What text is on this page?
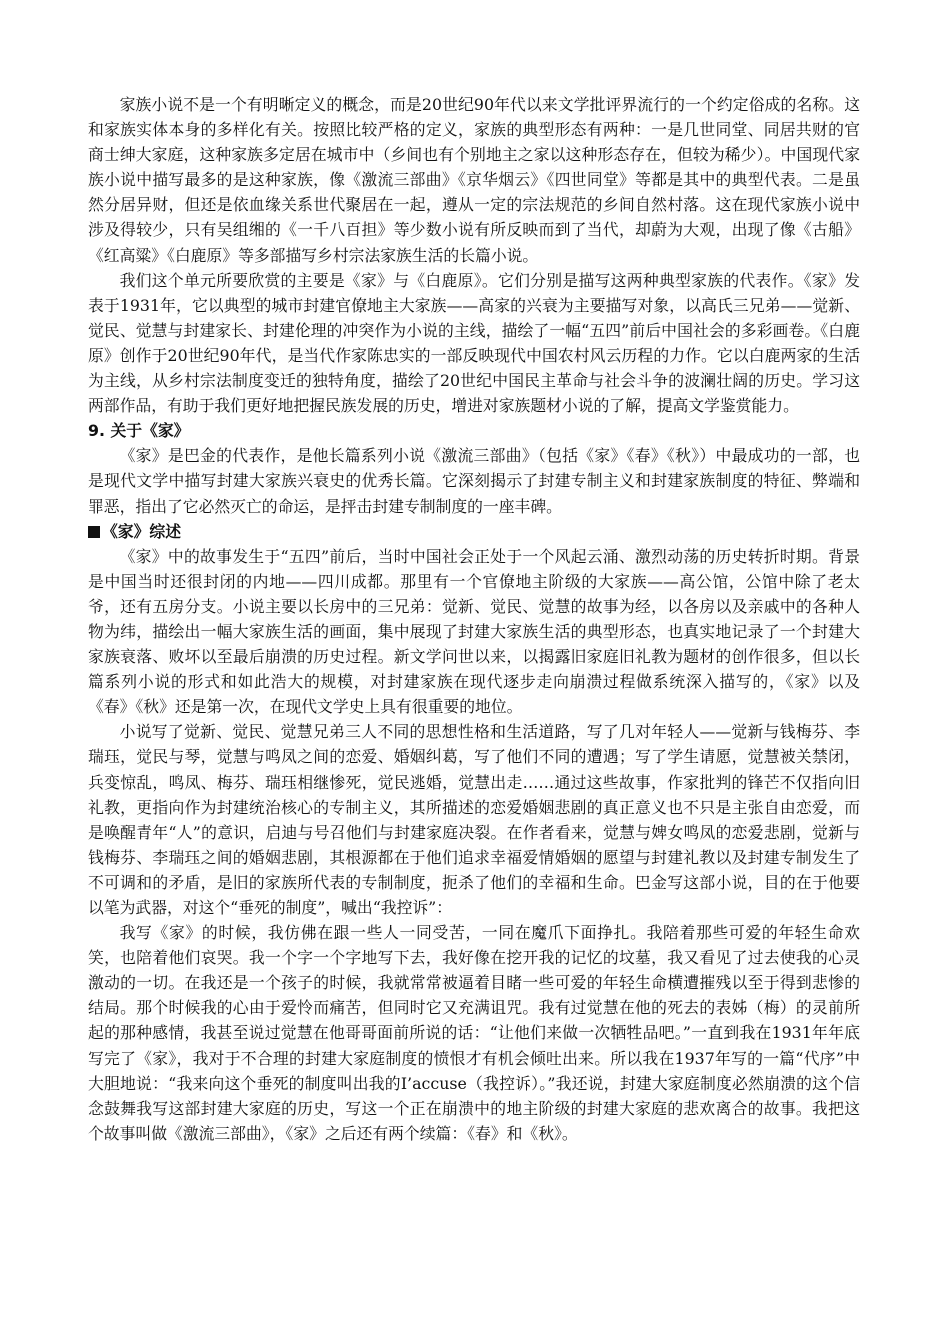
家族小说不是一个有明晰定义的概念，而是20世纪90年代以来文学批评界流行的一个约定俗成的名称。这和家族实体本身的多样化有关。按照比较严格的定义，家族的典型形态有两种：一是几世同堂、同居共财的官商士绅大家庭，这种家族多定居在城市中（乡间也有个别地主之家以这种形态存在，但较为稀少）。中国现代家族小说中描写最多的是这种家族，像《激流三部曲》《京华烟云》《四世同堂》等都是其中的典型代表。二是虽然分居异财，但还是依血缘关系世代聚居在一起，遵从一定的宗法规范的乡间自然村落。这在现代家族小说中涉及得较少，只有吴组缃的《一千八百担》等少数小说有所反映而到了当代，却蔚为大观，出现了像《古船》《红高粱》《白鹿原》等多部描写乡村宗法家族生活的长篇小说。

我们这个单元所要欣赏的主要是《家》与《白鹿原》。它们分别是描写这两种典型家族的代表作。《家》发表于1931年，它以典型的城市封建官僚地主大家族——高家的兴衰为主要描写对象，以高氏三兄弟——觉新、觉民、觉慧与封建家长、封建伦理的冲突作为小说的主线，描绘了一幅“五四”前后中国社会的多彩画卷。《白鹿原》创作于20世纪90年代，是当代作家陈忠实的一部反映现代中国农村风云历程的力作。它以白鹿两家的生活为主线，从乡村宗法制度变迁的独特角度，描绘了20世纪中国民主革命与社会斗争的波澜壮阔的历史。学习这两部作品，有助于我们更好地把握民族发展的历史，增进对家族题材小说的了解，提高文学鉴赏能力。

9. 关于《家》

《家》是巴金的代表作，是他长篇系列小说《激流三部曲》（包括《家》《春》《秋》）中最成功的一部，也是现代文学中描写封建大家族兴衰史的优秀长篇。它深刻揭示了封建专制主义和封建家族制度的特征、弊端和罪恶，指出了它必然灭亡的命运，是抨击封建专制制度的一座丰碑。

《家》综述

《家》中的故事发生于“五四”前后，当时中国社会正处于一个风起云涌、激烈动荡的历史转折时期。背景是中国当时还很封闭的内地——四川成都。那里有一个官僚地主阶级的大家族——高公馆，公馆中除了老太爷，还有五房分支。小说主要以长房中的三兄弟：觉新、觉民、觉慧的故事为经，以各房以及亲戚中的各种人物为纬，描绘出一幅大家族生活的画面，集中展现了封建大家族生活的典型形态，也真实地记录了一个封建大家族衰落、败坏以至最后崩溃的历史过程。新文学问世以来，以揭露旧家庭旧礼教为题材的创作很多，但以长篇系列小说的形式和如此浩大的规模，对封建家族在现代逐步走向崩溃过程做系统深入描写的，《家》以及《春》《秋》还是第一次，在现代文学史上具有很重要的地位。

小说写了觉新、觉民、觉慧兄弟三人不同的思想性格和生活道路，写了几对年轻人——觉新与钱梅芬、李瑞珏，觉民与琴，觉慧与鸣凤之间的恋爱、婚姻纠葛，写了他们不同的遭遇；写了学生请愿，觉慧被关禁闭，兵变惊乱，鸣凤、梅芬、瑞珏相继惨死，觉民逃婚，觉慧出走……通过这些故事，作家批判的锋芒不仅指向旧礼教，更指向作为封建统治核心的专制主义，其所描述的恋爱婚姻悲剧的真正意义也不只是主张自由恋爱，而是唤醒青年“人”的意识，启迪与号召他们与封建家庭决裂。在作者看来，觉慧与婢女鸣凤的恋爱悲剧，觉新与钱梅芬、李瑞珏之间的婚姻悲剧，其根源都在于他们追求幸福爱情婚姻的愿望与封建礼教以及封建专制发生了不可调和的矛盾，是旧的家族所代表的专制制度，扼杀了他们的幸福和生命。巴金写这部小说，目的在于他要以笔为武器，对这个“垂死的制度”，喊出“我控诉”：

我写《家》的时候，我仿佛在跟一些人一同受苦，一同在魔爪下面挣扎。我陪着那些可爱的年轻生命欢笑，也陪着他们哀哭。我一个字一个字地写下去，我好像在挖开我的记忆的坟墓，我又看见了过去使我的心灵激动的一切。在我还是一个孩子的时候，我就常常被逼着目睹一些可爱的年轻生命横遭摧残以至于得到悲惨的结局。那个时候我的心由于爱怜而痛苦，但同时它又充满诅咒。我有过觉慧在他的死去的表姊（梅）的灵前所起的那种感情，我甚至说过觉慧在他哥哥面前所说的话：“让他们来做一次牺牲品吧。”一直到我在1931年年底写完了《家》，我对于不合理的封建大家庭制度的愤恨才有机会倾吐出来。所以我在1937年写的一篇“代序”中大胆地说：“我来向这个垂死的制度叫出我的I’accuse（我控诉）。”我还说，封建大家庭制度必然崩溃的这个信念鼓舞我写这部封建大家庭的历史，写这一个正在崩溃中的地主阶级的封建大家庭的悲欢离合的故事。我把这个故事叫做《激流三部曲》，《家》之后还有两个续篇：《春》和《秋》。
